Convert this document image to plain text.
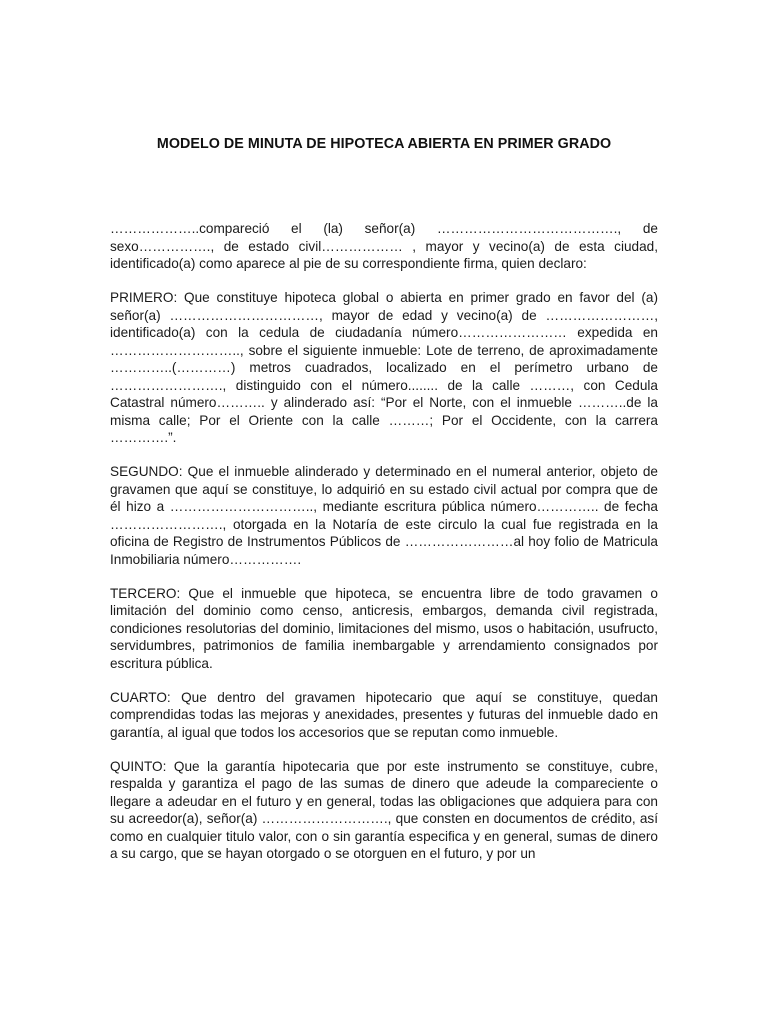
MODELO DE MINUTA DE HIPOTECA ABIERTA EN PRIMER GRADO

………………..compareció el (la) señor(a) …………………………………., de sexo……………., de estado civil……………… , mayor y vecino(a) de esta ciudad, identificado(a) como aparece al pie de su correspondiente firma, quien declaro:

PRIMERO: Que constituye hipoteca global o abierta en primer grado en favor del (a) señor(a) ……………………………, mayor de edad y vecino(a) de ……………………, identificado(a) con la cedula de ciudadanía número…………………… expedida en ……………………….., sobre el siguiente inmueble: Lote de terreno, de aproximadamente …………..(…………) metros cuadrados, localizado en el perímetro urbano de ……………………., distinguido con el número........ de la calle ………, con Cedula Catastral número……….. y alinderado así: “Por el Norte, con el inmueble ………..de la misma calle; Por el Oriente con la calle ………; Por el Occidente, con la carrera ………….”.

SEGUNDO: Que el inmueble alinderado y determinado en el numeral anterior, objeto de gravamen que aquí se constituye, lo adquirió en su estado civil actual por compra que de él hizo a ………………………….., mediante escritura pública número………….. de fecha ……………………., otorgada en la Notaría de este circulo la cual fue registrada en la oficina de Registro de Instrumentos Públicos de ……………………al hoy folio de Matricula Inmobiliaria número…………….

TERCERO: Que el inmueble que hipoteca, se encuentra libre de todo gravamen o limitación del dominio como censo, anticresis, embargos, demanda civil registrada, condiciones resolutorias del dominio, limitaciones del mismo, usos o habitación, usufructo, servidumbres, patrimonios de familia inembargable y arrendamiento consignados por escritura pública.

CUARTO: Que dentro del gravamen hipotecario que aquí se constituye, quedan comprendidas todas las mejoras y anexidades, presentes y futuras del inmueble dado en garantía, al igual que todos los accesorios que se reputan como inmueble.

QUINTO: Que la garantía hipotecaria que por este instrumento se constituye, cubre, respalda y garantiza el pago de las sumas de dinero que adeude la compareciente o llegare a adeudar en el futuro y en general, todas las obligaciones que adquiera para con su acreedor(a), señor(a) ………………………., que consten en documentos de crédito, así como en cualquier titulo valor, con o sin garantía especifica y en general, sumas de dinero a su cargo, que se hayan otorgado o se otorguen en el futuro, y por un
